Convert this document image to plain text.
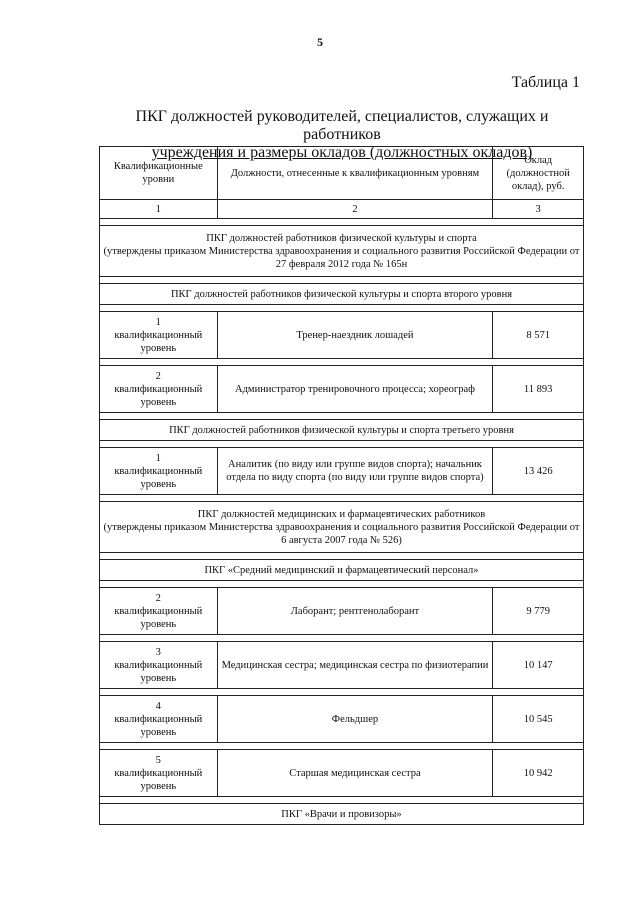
5
Таблица 1
ПКГ должностей руководителей, специалистов, служащих и работников
учреждения и размеры окладов (должностных окладов)
Квалификационные уровни	Должности, отнесенные к квалификационным уровням	Оклад (должностной оклад), руб.
1	2	3

ПКГ должностей работников физической культуры и спорта
(утверждены приказом Министерства здравоохранения и социального развития Российской Федерации от 27 февраля 2012 года № 165н		

ПКГ должностей работников физической культуры и спорта второго уровня		

1
квалификационный
уровень	Тренер-наездник лошадей	8 571

2
квалификационный
уровень	Администратор тренировочного процесса; хореограф	11 893

ПКГ должностей работников физической культуры и спорта третьего уровня		

1
квалификационный
уровень	Аналитик (по виду или группе видов спорта); начальник отдела по виду спорта (по виду или группе видов спорта)	13 426

ПКГ должностей медицинских и фармацевтических работников
(утверждены приказом Министерства здравоохранения и социального развития Российской Федерации от 6 августа 2007 года № 526)		

ПКГ «Средний медицинский и фармацевтический персонал»		

2
квалификационный
уровень	Лаборант; рентгенолаборант	9 779

3
квалификационный
уровень	Медицинская сестра; медицинская сестра по физиотерапии	10 147

4
квалификационный
уровень	Фельдшер	10 545

5
квалификационный
уровень	Старшая медицинская сестра	10 942

ПКГ «Врачи и провизоры»		
